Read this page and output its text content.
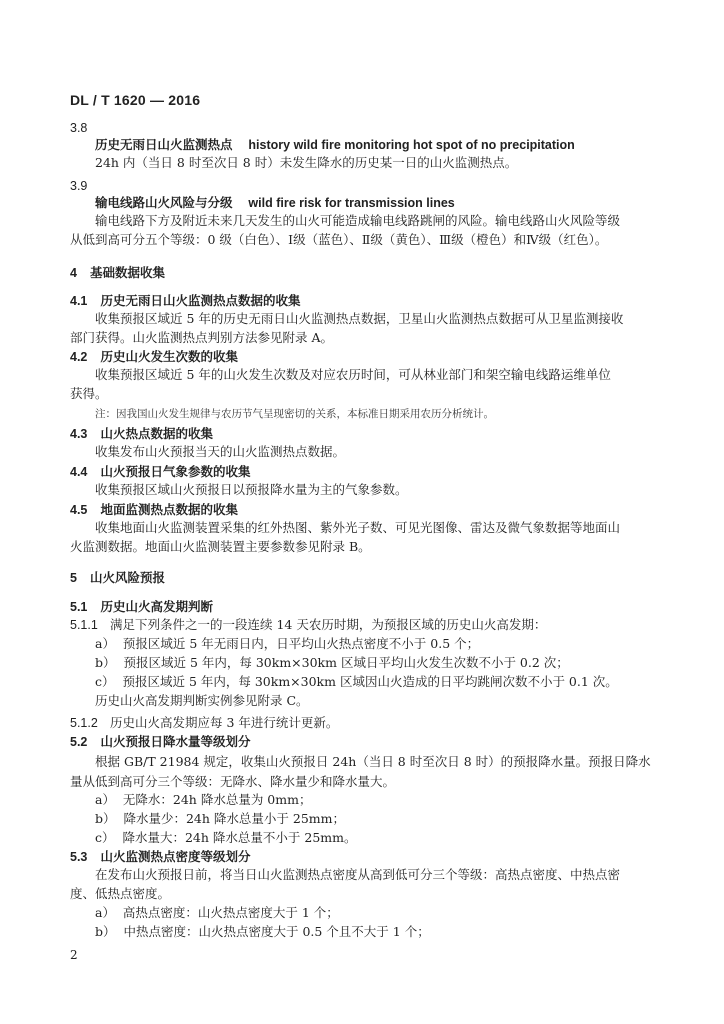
DL / T 1620 — 2016
3.8
历史无雨日山火监测热点 history wild fire monitoring hot spot of no precipitation
24h 内（当日 8 时至次日 8 时）未发生降水的历史某一日的山火监测热点。
3.9
输电线路山火风险与分级 wild fire risk for transmission lines
输电线路下方及附近未来几天发生的山火可能造成输电线路跳闸的风险。输电线路山火风险等级
从低到高可分五个等级：0 级（白色）、Ⅰ级（蓝色）、Ⅱ级（黄色）、Ⅲ级（橙色）和Ⅳ级（红色）。
4 基础数据收集
4.1 历史无雨日山火监测热点数据的收集
收集预报区域近 5 年的历史无雨日山火监测热点数据，卫星山火监测热点数据可从卫星监测接收
部门获得。山火监测热点判别方法参见附录 A。
4.2 历史山火发生次数的收集
收集预报区域近 5 年的山火发生次数及对应农历时间，可从林业部门和架空输电线路运维单位
获得。
注：因我国山火发生规律与农历节气呈现密切的关系，本标准日期采用农历分析统计。
4.3 山火热点数据的收集
收集发布山火预报当天的山火监测热点数据。
4.4 山火预报日气象参数的收集
收集预报区域山火预报日以预报降水量为主的气象参数。
4.5 地面监测热点数据的收集
收集地面山火监测装置采集的红外热图、紫外光子数、可见光图像、雷达及微气象数据等地面山
火监测数据。地面山火监测装置主要参数参见附录 B。
5 山火风险预报
5.1 历史山火高发期判断
5.1.1 满足下列条件之一的一段连续 14 天农历时期，为预报区域的历史山火高发期：
a） 预报区域近 5 年无雨日内，日平均山火热点密度不小于 0.5 个；
b） 预报区域近 5 年内，每 30km×30km 区域日平均山火发生次数不小于 0.2 次；
c） 预报区域近 5 年内，每 30km×30km 区域因山火造成的日平均跳闸次数不小于 0.1 次。
历史山火高发期判断实例参见附录 C。
5.1.2 历史山火高发期应每 3 年进行统计更新。
5.2 山火预报日降水量等级划分
根据 GB/T 21984 规定，收集山火预报日 24h（当日 8 时至次日 8 时）的预报降水量。预报日降水
量从低到高可分三个等级：无降水、降水量少和降水量大。
a） 无降水：24h 降水总量为 0mm；
b） 降水量少：24h 降水总量小于 25mm；
c） 降水量大：24h 降水总量不小于 25mm。
5.3 山火监测热点密度等级划分
在发布山火预报日前，将当日山火监测热点密度从高到低可分三个等级：高热点密度、中热点密
度、低热点密度。
a） 高热点密度：山火热点密度大于 1 个；
b） 中热点密度：山火热点密度大于 0.5 个且不大于 1 个；
2
